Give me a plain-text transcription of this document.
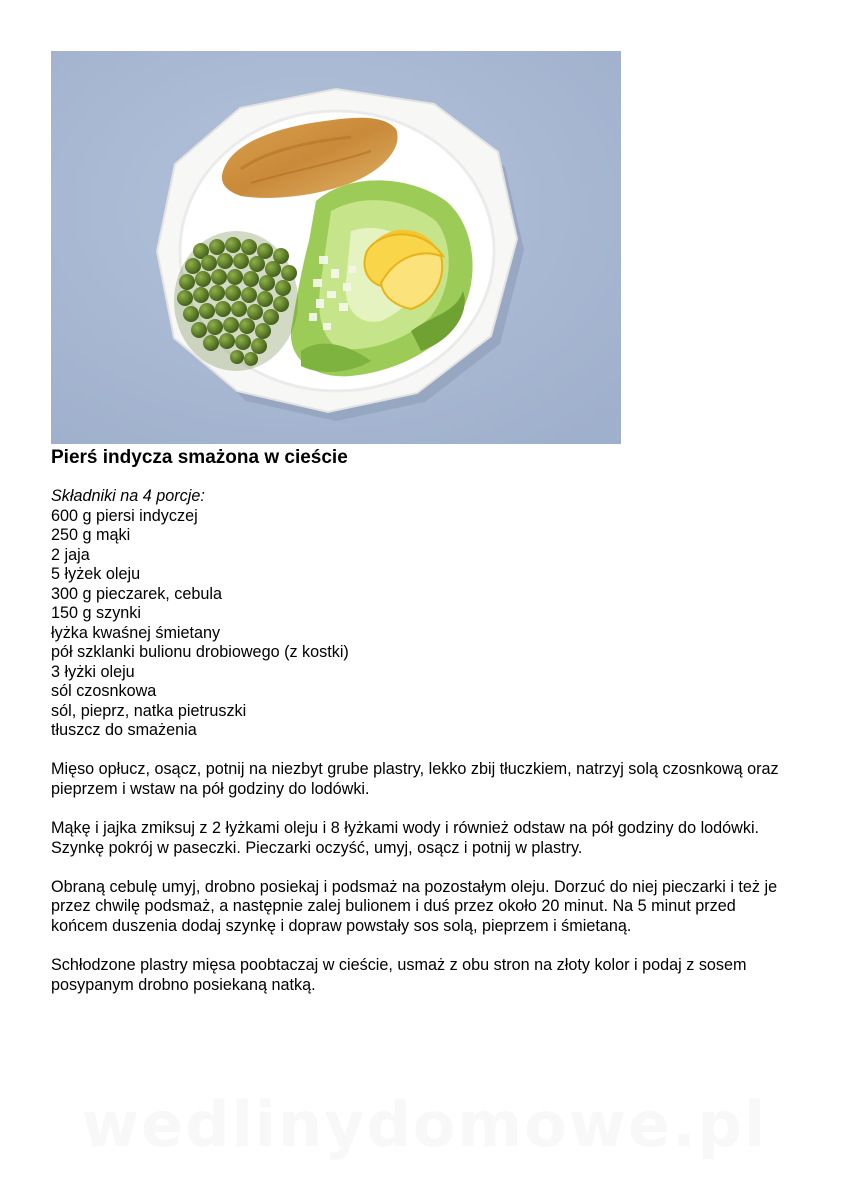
Pierś indycza smażona w cieście
Składniki na 4 porcje:
600 g piersi indyczej
250 g mąki
2 jaja
5 łyżek oleju
300 g pieczarek, cebula
150 g szynki
łyżka kwaśnej śmietany
pół szklanki bulionu drobiowego (z kostki)
3 łyżki oleju
sól czosnkowa
sól, pieprz, natka pietruszki
tłuszcz do smażenia

Mięso opłucz, osącz, potnij na niezbyt grube plastry, lekko zbij tłuczkiem, natrzyj solą czosnkową oraz pieprzem i wstaw na pół godziny do lodówki.

Mąkę i jajka zmiksuj z 2 łyżkami oleju i 8 łyżkami wody i również odstaw na pół godziny do lodówki. Szynkę pokrój w paseczki. Pieczarki oczyść, umyj, osącz i potnij w plastry.

Obraną cebulę umyj, drobno posiekaj i podsmaż na pozostałym oleju. Dorzuć do niej pieczarki i też je przez chwilę podsmaż, a następnie zalej bulionem i duś przez około 20 minut. Na 5 minut przed końcem duszenia dodaj szynkę i dopraw powstały sos solą, pieprzem i śmietaną.

Schłodzone plastry mięsa poobtaczaj w cieście, usmaż z obu stron na złoty kolor i podaj z sosem posypanym drobno posiekaną natką.

wedlinydomowe.pl
